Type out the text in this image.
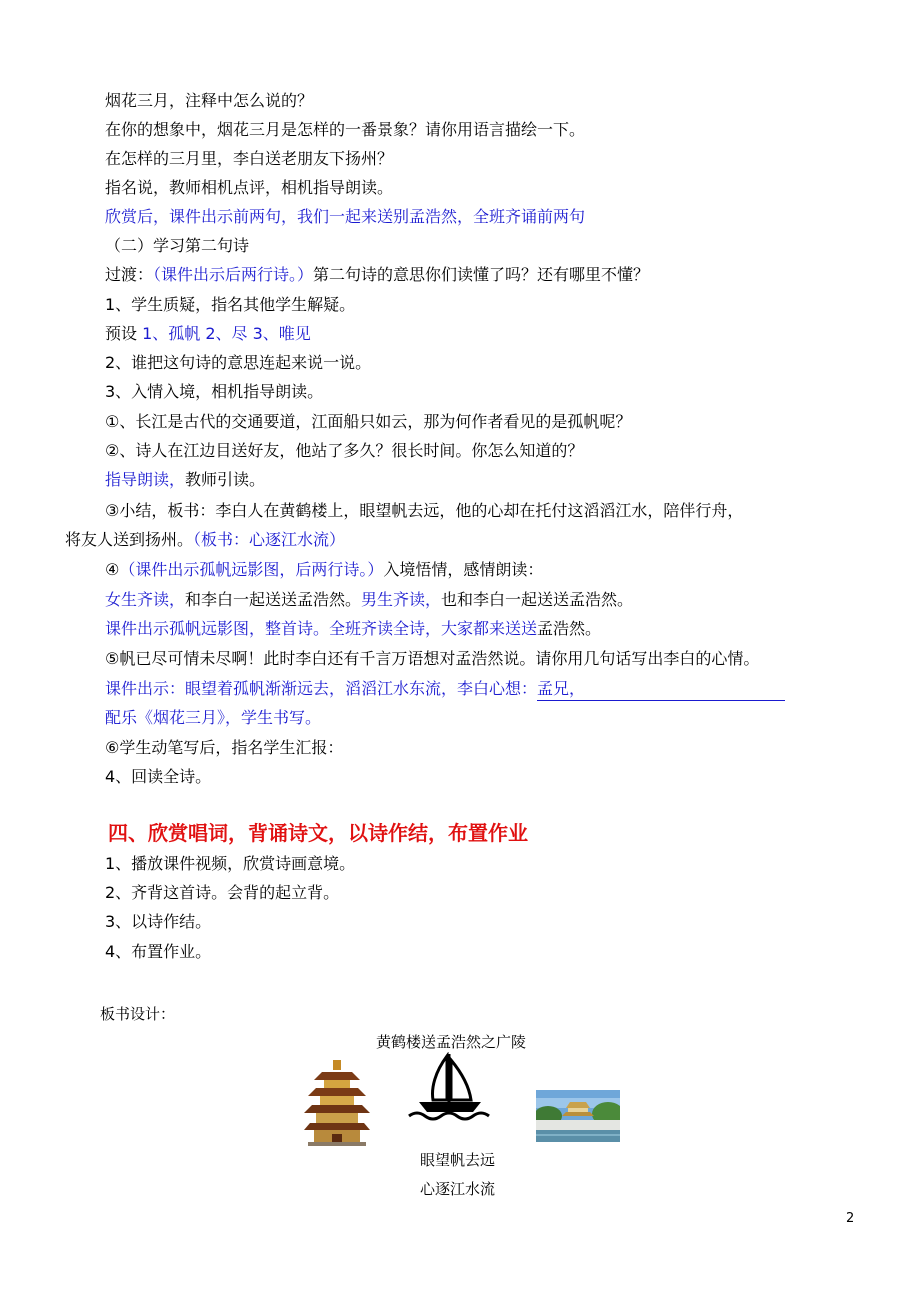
烟花三月，注释中怎么说的？
在你的想象中，烟花三月是怎样的一番景象？请你用语言描绘一下。
在怎样的三月里，李白送老朋友下扬州？
指名说，教师相机点评，相机指导朗读。
欣赏后，课件出示前两句，我们一起来送别孟浩然，全班齐诵前两句
（二）学习第二句诗
过渡：（课件出示后两行诗。）第二句诗的意思你们读懂了吗？还有哪里不懂？
1、学生质疑，指名其他学生解疑。
预设 1、孤帆 2、尽 3、唯见
2、谁把这句诗的意思连起来说一说。
3、入情入境，相机指导朗读。
①、长江是古代的交通要道，江面船只如云，那为何作者看见的是孤帆呢？
②、诗人在江边目送好友，他站了多久？很长时间。你怎么知道的？
指导朗读，教师引读。
③小结，板书：李白人在黄鹤楼上，眼望帆去远，他的心却在托付这滔滔江水，陪伴行舟，
将友人送到扬州。（板书：心逐江水流）
④（课件出示孤帆远影图，后两行诗。）入境悟情，感情朗读：
女生齐读，和李白一起送送孟浩然。男生齐读，也和李白一起送送孟浩然。
课件出示孤帆远影图，整首诗。全班齐读全诗，大家都来送送孟浩然。
⑤帆已尽可情未尽啊！此时李白还有千言万语想对孟浩然说。请你用几句话写出李白的心情。
课件出示：眼望着孤帆渐渐远去，滔滔江水东流，李白心想：孟兄，
配乐《烟花三月》，学生书写。
⑥学生动笔写后，指名学生汇报：
4、回读全诗。
四、欣赏唱词，背诵诗文，以诗作结，布置作业
1、播放课件视频，欣赏诗画意境。
2、齐背这首诗。会背的起立背。
3、以诗作结。
4、布置作业。
板书设计：
黄鹤楼送孟浩然之广陵
眼望帆去远
心逐江水流
2
